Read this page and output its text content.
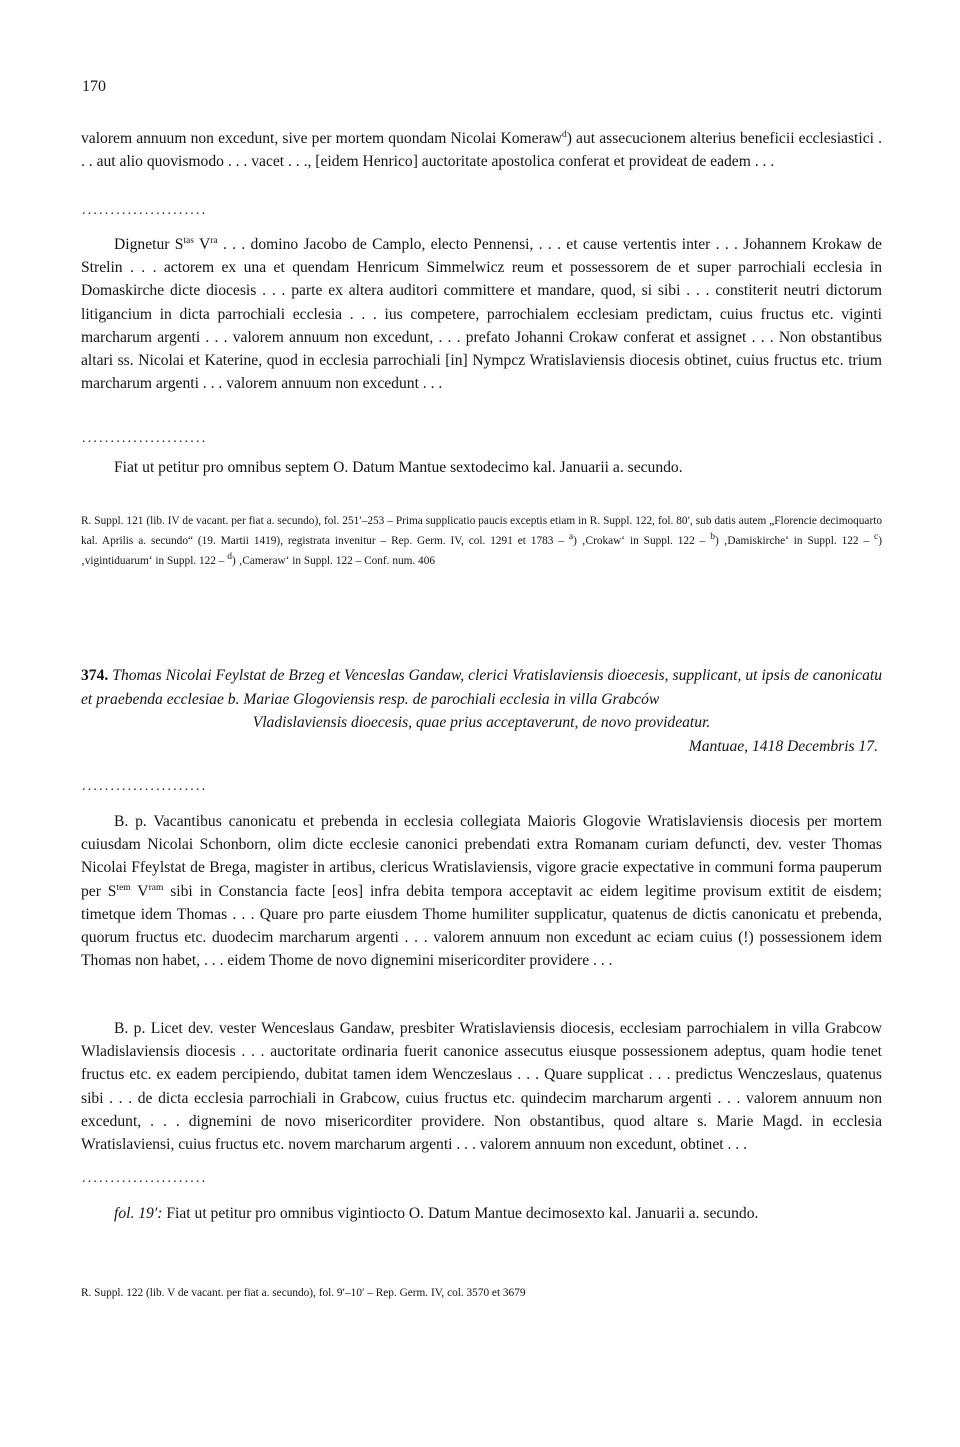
170

valorem annuum non excedunt, sive per mortem quondam Nicolai Komeraw$^d$) aut assecucionem alterius beneficii ecclesiastici . . . aut alio quovismodo . . . vacet . . ., [eidem Henrico] auctoritate apostolica conferat et provideat de eadem . . .

......................

Dignetur $S^{tas}$ $V^{ra}$ . . . domino Jacobo de Camplo, electo Pennensi, . . . et cause vertentis inter . . . Johannem Krokaw de Strelin . . . actorem ex una et quendam Henricum Simmelwicz reum et possessorem de et super parrochiali ecclesia in Domaskirche dicte diocesis . . . parte ex altera auditori committere et mandare, quod, si sibi . . . constiterit neutri dictorum litigancium in dicta parrochiali ecclesia . . . ius competere, parrochialem ecclesiam predictam, cuius fructus etc. viginti marcharum argenti . . . valorem annuum non excedunt, . . . prefato Johanni Crokaw conferat et assignet . . . Non obstantibus altari ss. Nicolai et Katerine, quod in ecclesia parrochiali [in] Nympcz Wratislaviensis diocesis obtinet, cuius fructus etc. trium marcharum argenti . . . valorem annuum non excedunt . . .

......................

Fiat ut petitur pro omnibus septem O. Datum Mantue sextodecimo kal. Januarii a. secundo.

R. Suppl. 121 (lib. IV de vacant. per fiat a. secundo), fol. 251′–253 – Prima supplicatio paucis exceptis etiam in R. Suppl. 122, fol. 80′, sub datis autem „Florencie decimoquarto kal. Aprilis a. secundo“ (19. Martii 1419), registrata invenitur – Rep. Germ. IV, col. 1291 et 1783 – $^a$) ‚Crokaw‘ in Suppl. 122 – $^b$) ‚Damiskirche‘ in Suppl. 122 – $^c$) ‚vigintiduarum‘ in Suppl. 122 – $^d$) ‚Cameraw‘ in Suppl. 122 – Conf. num. 406

374. Thomas Nicolai Feylstat de Brzeg et Venceslas Gandaw, clerici Vratislaviensis dioecesis, supplicant, ut ipsis de canonicatu et praebenda ecclesiae b. Mariae Glogoviensis resp. de parochiali ecclesia in villa Grabców
Vladislaviensis dioecesis, quae prius acceptaverunt, de novo provideatur.
Mantuae, 1418 Decembris 17.
......................

B. p. Vacantibus canonicatu et prebenda in ecclesia collegiata Maioris Glogovie Wratislaviensis diocesis per mortem cuiusdam Nicolai Schonborn, olim dicte ecclesie canonici prebendati extra Romanam curiam defuncti, dev. vester Thomas Nicolai Ffeylstat de Brega, magister in artibus, clericus Wratislaviensis, vigore gracie expectative in communi forma pauperum per $S^{tem}$ $V^{ram}$ sibi in Constancia facte [eos] infra debita tempora acceptavit ac eidem legitime provisum extitit de eisdem; timetque idem Thomas . . . Quare pro parte eiusdem Thome humiliter supplicatur, quatenus de dictis canonicatu et prebenda, quorum fructus etc. duodecim marcharum argenti . . . valorem annuum non excedunt ac eciam cuius (!) possessionem idem Thomas non habet, . . . eidem Thome de novo dignemini misericorditer providere . . .

B. p. Licet dev. vester Wenceslaus Gandaw, presbiter Wratislaviensis diocesis, ecclesiam parrochialem in villa Grabcow Wladislaviensis diocesis . . . auctoritate ordinaria fuerit canonice assecutus eiusque possessionem adeptus, quam hodie tenet fructus etc. ex eadem percipiendo, dubitat tamen idem Wenczeslaus . . . Quare supplicat . . . predictus Wenczeslaus, quatenus sibi . . . de dicta ecclesia parrochiali in Grabcow, cuius fructus etc. quindecim marcharum argenti . . . valorem annuum non excedunt, . . . dignemini de novo misericorditer providere. Non obstantibus, quod altare s. Marie Magd. in ecclesia Wratislaviensi, cuius fructus etc. novem marcharum argenti . . . valorem annuum non excedunt, obtinet . . .

......................

fol. 19′: Fiat ut petitur pro omnibus vigintiocto O. Datum Mantue decimosexto kal. Januarii a. secundo.

R. Suppl. 122 (lib. V de vacant. per fiat a. secundo), fol. 9′–10′ – Rep. Germ. IV, col. 3570 et 3679
